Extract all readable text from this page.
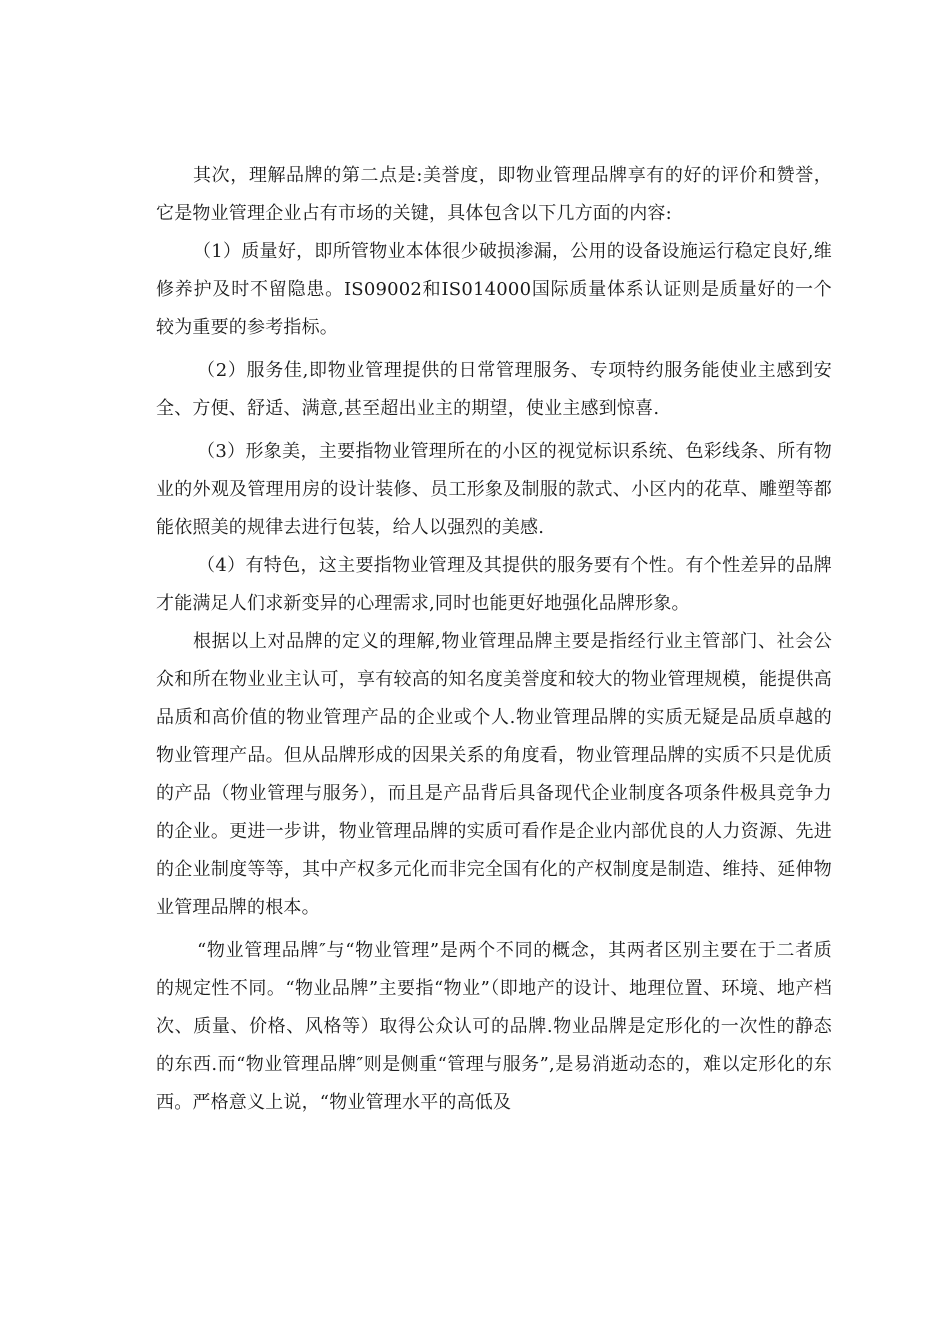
其次，理解品牌的第二点是:美誉度，即物业管理品牌享有的好的评价和赞誉，它是物业管理企业占有市场的关键，具体包含以下几方面的内容:

（1）质量好，即所管物业本体很少破损渗漏，公用的设备设施运行稳定良好,维修养护及时不留隐患。IS09002和IS014000国际质量体系认证则是质量好的一个较为重要的参考指标。

（2）服务佳,即物业管理提供的日常管理服务、专项特约服务能使业主感到安全、方便、舒适、满意,甚至超出业主的期望，使业主感到惊喜.

（3）形象美，主要指物业管理所在的小区的视觉标识系统、色彩线条、所有物业的外观及管理用房的设计装修、员工形象及制服的款式、小区内的花草、雕塑等都能依照美的规律去进行包装，给人以强烈的美感.

（4）有特色，这主要指物业管理及其提供的服务要有个性。有个性差异的品牌才能满足人们求新变异的心理需求,同时也能更好地强化品牌形象。

根据以上对品牌的定义的理解,物业管理品牌主要是指经行业主管部门、社会公众和所在物业业主认可，享有较高的知名度美誉度和较大的物业管理规模，能提供高品质和高价值的物业管理产品的企业或个人.物业管理品牌的实质无疑是品质卓越的物业管理产品。但从品牌形成的因果关系的角度看，物业管理品牌的实质不只是优质的产品（物业管理与服务），而且是产品背后具备现代企业制度各项条件极具竞争力的企业。更进一步讲，物业管理品牌的实质可看作是企业内部优良的人力资源、先进的企业制度等等，其中产权多元化而非完全国有化的产权制度是制造、维持、延伸物业管理品牌的根本。

“物业管理品牌″与“物业管理”是两个不同的概念，其两者区别主要在于二者质的规定性不同。“物业品牌”主要指“物业”（即地产的设计、地理位置、环境、地产档次、质量、价格、风格等）取得公众认可的品牌.物业品牌是定形化的一次性的静态的东西.而“物业管理品牌″则是侧重“管理与服务”,是易消逝动态的，难以定形化的东西。严格意义上说，“物业管理水平的高低及
